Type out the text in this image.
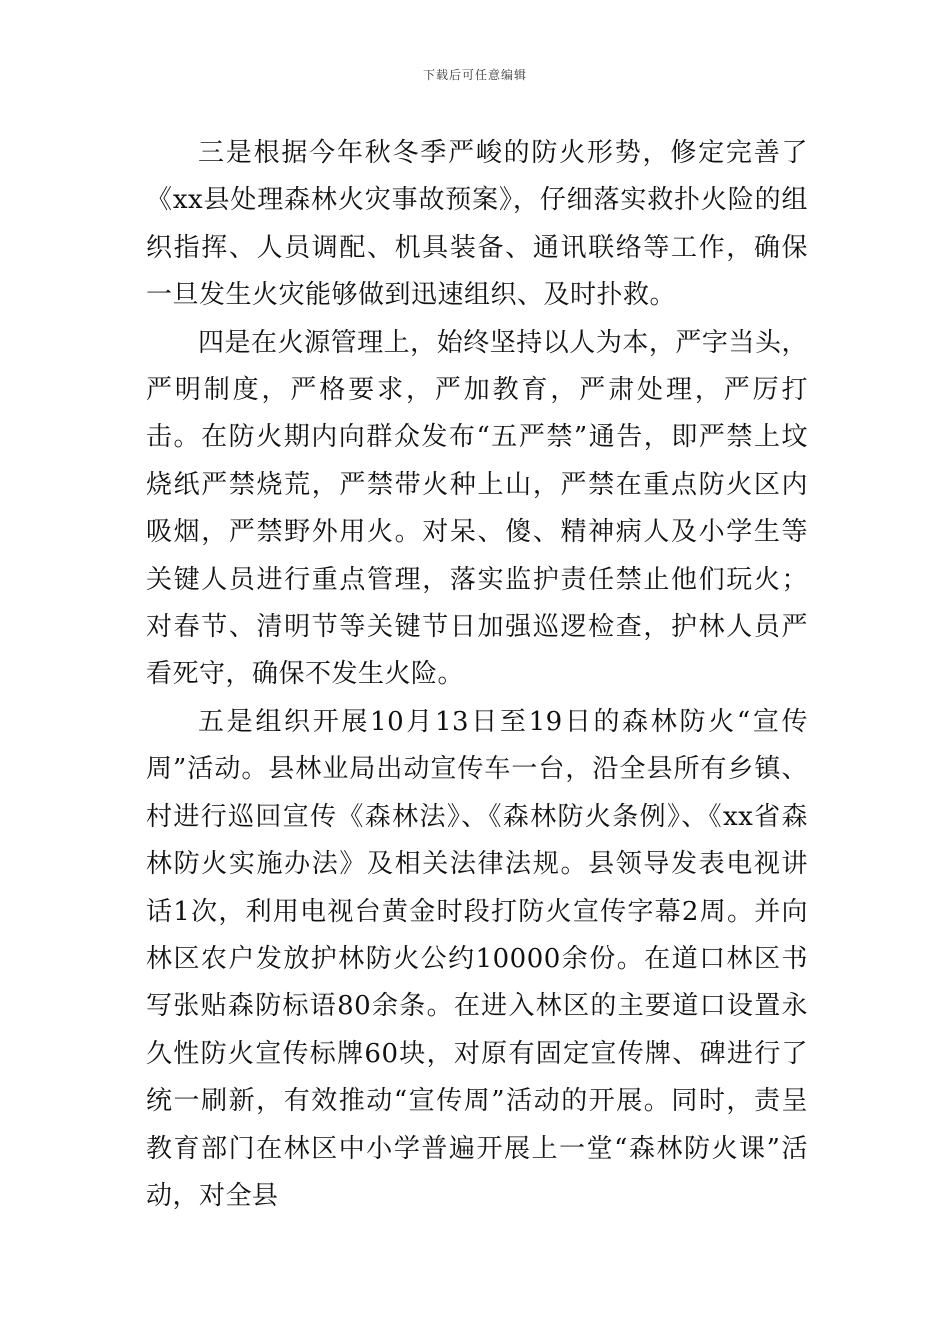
下载后可任意编辑

三是根据今年秋冬季严峻的防火形势，修定完善了《xx县处理森林火灾事故预案》，仔细落实救扑火险的组织指挥、人员调配、机具装备、通讯联络等工作，确保一旦发生火灾能够做到迅速组织、及时扑救。

四是在火源管理上，始终坚持以人为本，严字当头，严明制度，严格要求，严加教育，严肃处理，严厉打击。在防火期内向群众发布“五严禁”通告，即严禁上坟烧纸严禁烧荒，严禁带火种上山，严禁在重点防火区内吸烟，严禁野外用火。对呆、傻、精神病人及小学生等关键人员进行重点管理，落实监护责任禁止他们玩火；对春节、清明节等关键节日加强巡逻检查，护林人员严看死守，确保不发生火险。

五是组织开展10月13日至19日的森林防火“宣传周”活动。县林业局出动宣传车一台，沿全县所有乡镇、村进行巡回宣传《森林法》、《森林防火条例》、《xx省森林防火实施办法》及相关法律法规。县领导发表电视讲话1次，利用电视台黄金时段打防火宣传字幕2周。并向林区农户发放护林防火公约10000余份。在道口林区书写张贴森防标语80余条。在进入林区的主要道口设置永久性防火宣传标牌60块，对原有固定宣传牌、碑进行了统一刷新，有效推动“宣传周”活动的开展。同时，责呈教育部门在林区中小学普遍开展上一堂“森林防火课”活动，对全县
